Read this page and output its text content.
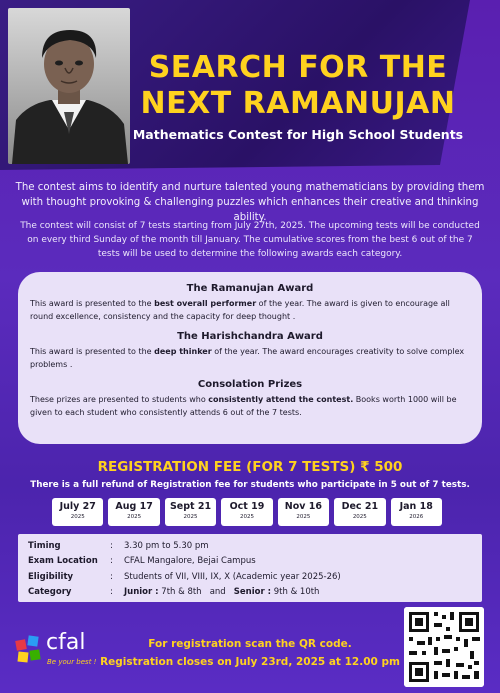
SEARCH FOR THE
NEXT RAMANUJAN
Mathematics Contest for High School Students

The contest aims to identify and nurture talented young mathematicians by providing them with thought provoking & challenging puzzles which enhances their creative and thinking ability.

The contest will consist of 7 tests starting from July 27th, 2025. The upcoming tests will be conducted on every third Sunday of the month till January. The cumulative scores from the best 6 out of the 7 tests will be used to determine the following awards each category.

The Ramanujan Award
This award is presented to the best overall performer of the year. The award is given to encourage all round excellence, consistency and the capacity for deep thought .
The Harishchandra Award
This award is presented to the deep thinker of the year. The award encourages creativity to solve complex problems .
Consolation Prizes
These prizes are presented to students who consistently attend the contest. Books worth 1000 will be given to each student who consistently attends 6 out of the 7 tests.
REGISTRATION FEE (FOR 7 TESTS) ₹ 500
There is a full refund of Registration fee for students who participate in 5 out of 7 tests.
July 27
2025
Aug 17
2025
Sept 21
2025
Oct 19
2025
Nov 16
2025
Dec 21
2025
Jan 18
2026
Timing	:	3.30 pm to 5.30 pm
Exam Location	:	CFAL Mangalore, Bejai Campus
Eligibility	:	Students of VII, VIII, IX, X (Academic year 2025-26)
Category	:	Junior : 7th & 8th and Senior : 9th & 10th
cfal
Be your best !
For registration scan the QR code.
Registration closes on July 23rd, 2025 at 12.00 pm
